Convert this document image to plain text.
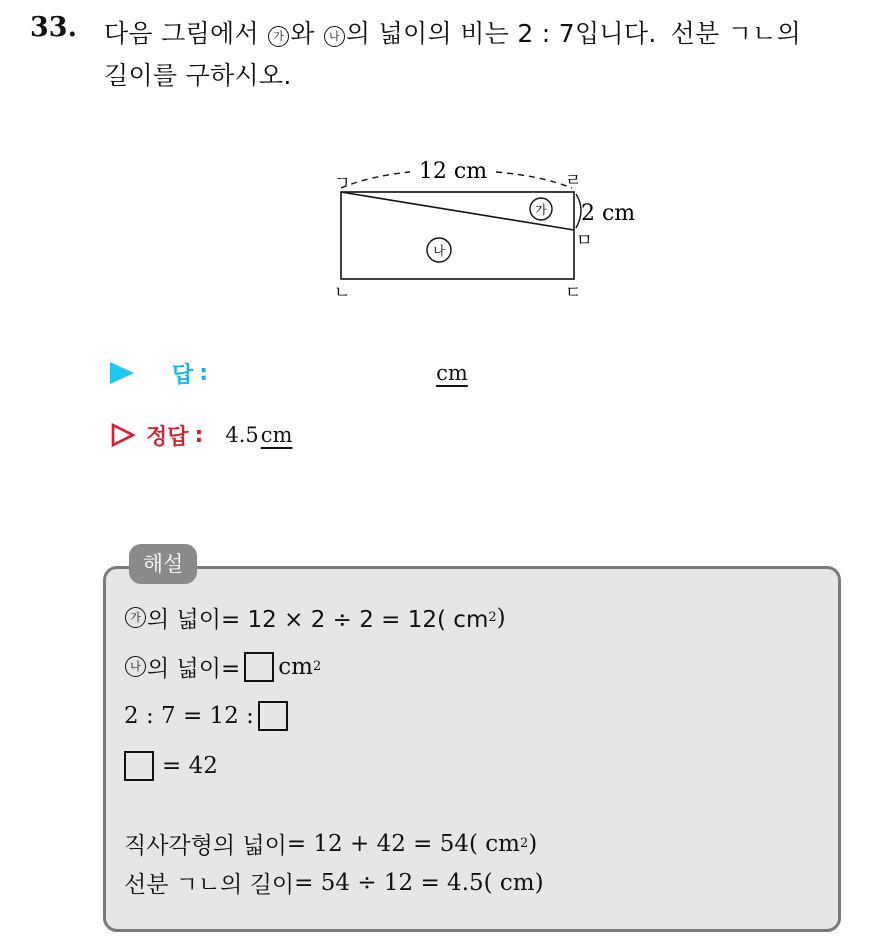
33. 다음 그림에서 가 와 나 의 넓이의 비는 2 : 7입니다. 선분 ㄱㄴ의
길이를 구하시오.
12 cm
2 cm
ㄱ
ㄴ	ㄷ
ㄹ
ㅁ
가
나
답 :	cm
정답 : 4.5 cm
해설
가 의 넓이= 12 × 2 ÷ 2 = 12( cm 2 )
나 의 넓이= cm 2
2 : 7 = 12 :
= 42
직사각형의 넓이 = 12 + 42 = 54( cm 2 )
선분 ㄱㄴ의 길이 = 54 ÷ 12 = 4.5( cm)
